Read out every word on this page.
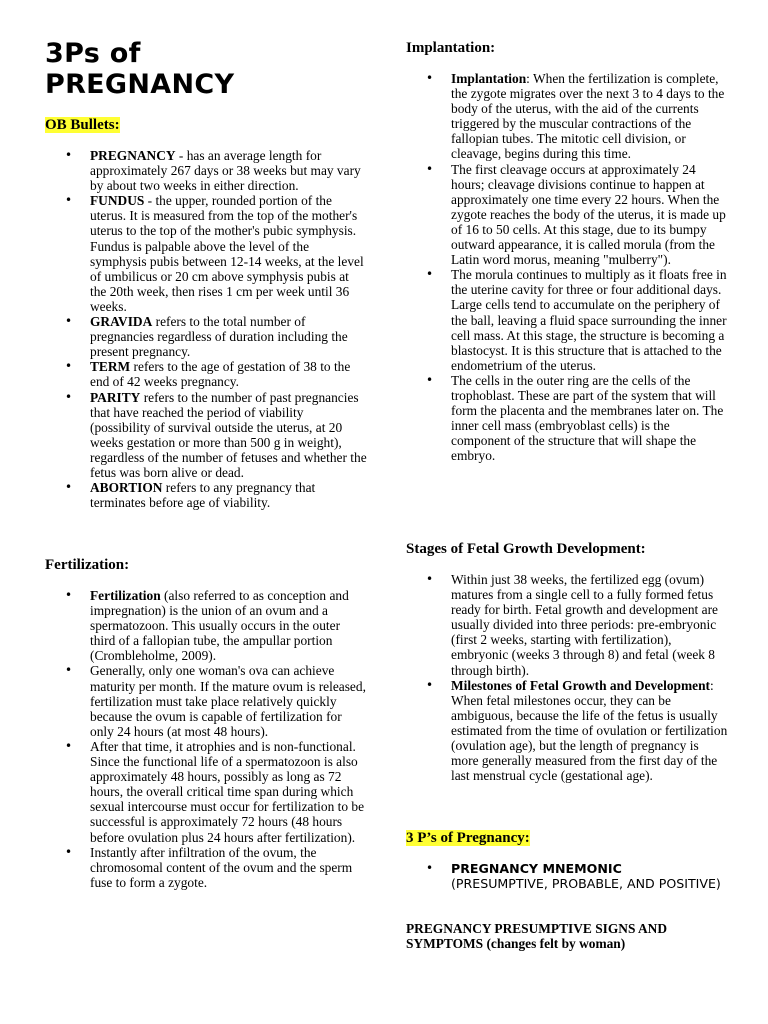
3Ps of PREGNANCY

OB Bullets:

• PREGNANCY - has an average length for approximately 267 days or 38 weeks but may vary by about two weeks in either direction.
• FUNDUS - the upper, rounded portion of the uterus. It is measured from the top of the mother's uterus to the top of the mother's pubic symphysis. Fundus is palpable above the level of the symphysis pubis between 12-14 weeks, at the level of umbilicus or 20 cm above symphysis pubis at the 20th week, then rises 1 cm per week until 36 weeks.
• GRAVIDA refers to the total number of pregnancies regardless of duration including the present pregnancy.
• TERM refers to the age of gestation of 38 to the end of 42 weeks pregnancy.
• PARITY refers to the number of past pregnancies that have reached the period of viability (possibility of survival outside the uterus, at 20 weeks gestation or more than 500 g in weight), regardless of the number of fetuses and whether the fetus was born alive or dead.
• ABORTION refers to any pregnancy that terminates before age of viability.

Fertilization:

• Fertilization (also referred to as conception and impregnation) is the union of an ovum and a spermatozoon. This usually occurs in the outer third of a fallopian tube, the ampullar portion (Crombleholme, 2009).
• Generally, only one woman's ova can achieve maturity per month. If the mature ovum is released, fertilization must take place relatively quickly because the ovum is capable of fertilization for only 24 hours (at most 48 hours).
• After that time, it atrophies and is non-functional. Since the functional life of a spermatozoon is also approximately 48 hours, possibly as long as 72 hours, the overall critical time span during which sexual intercourse must occur for fertilization to be successful is approximately 72 hours (48 hours before ovulation plus 24 hours after fertilization).
• Instantly after infiltration of the ovum, the chromosomal content of the ovum and the sperm fuse to form a zygote.

Implantation:

• Implantation: When the fertilization is complete, the zygote migrates over the next 3 to 4 days to the body of the uterus, with the aid of the currents triggered by the muscular contractions of the fallopian tubes. The mitotic cell division, or cleavage, begins during this time.
• The first cleavage occurs at approximately 24 hours; cleavage divisions continue to happen at approximately one time every 22 hours. When the zygote reaches the body of the uterus, it is made up of 16 to 50 cells. At this stage, due to its bumpy outward appearance, it is called morula (from the Latin word morus, meaning "mulberry").
• The morula continues to multiply as it floats free in the uterine cavity for three or four additional days. Large cells tend to accumulate on the periphery of the ball, leaving a fluid space surrounding the inner cell mass. At this stage, the structure is becoming a blastocyst. It is this structure that is attached to the endometrium of the uterus.
• The cells in the outer ring are the cells of the trophoblast. These are part of the system that will form the placenta and the membranes later on. The inner cell mass (embryoblast cells) is the component of the structure that will shape the embryo.

Stages of Fetal Growth Development:

• Within just 38 weeks, the fertilized egg (ovum) matures from a single cell to a fully formed fetus ready for birth. Fetal growth and development are usually divided into three periods: pre-embryonic (first 2 weeks, starting with fertilization), embryonic (weeks 3 through 8) and fetal (week 8 through birth).
• Milestones of Fetal Growth and Development: When fetal milestones occur, they can be ambiguous, because the life of the fetus is usually estimated from the time of ovulation or fertilization (ovulation age), but the length of pregnancy is more generally measured from the first day of the last menstrual cycle (gestational age).

3 P’s of Pregnancy:

• PREGNANCY MNEMONIC
(PRESUMPTIVE, PROBABLE, AND POSITIVE)

PREGNANCY PRESUMPTIVE SIGNS AND SYMPTOMS (changes felt by woman)
